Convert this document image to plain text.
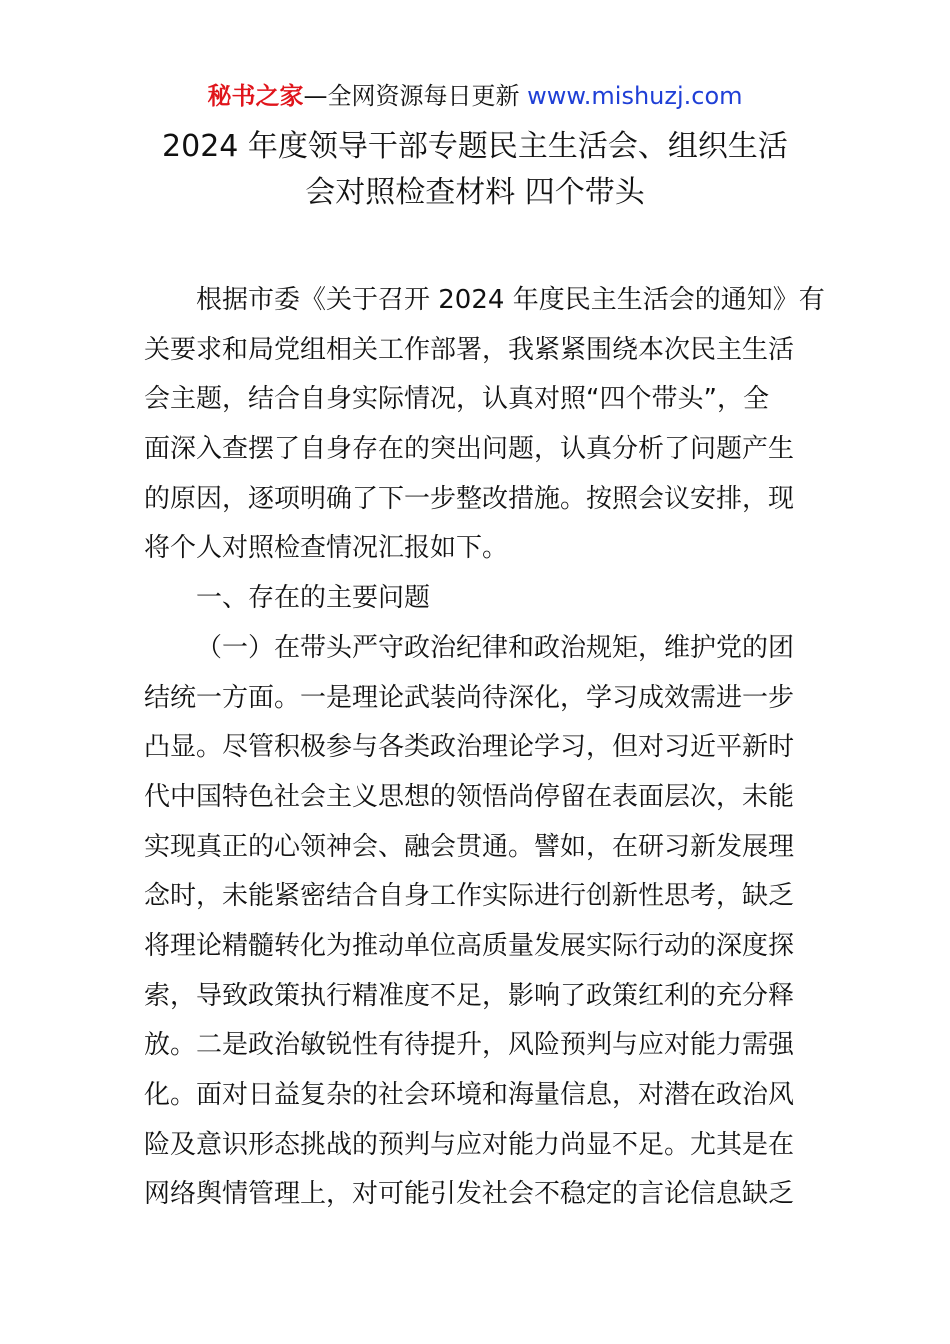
秘书之家—全网资源每日更新 www.mishuzj.com
2024 年度领导干部专题民主生活会、组织生活
会对照检查材料 四个带头
根据市委《关于召开 2024 年度民主生活会的通知》有
关要求和局党组相关工作部署，我紧紧围绕本次民主生活
会主题，结合自身实际情况，认真对照“四个带头”，全
面深入查摆了自身存在的突出问题，认真分析了问题产生
的原因，逐项明确了下一步整改措施。按照会议安排，现
将个人对照检查情况汇报如下。
一、存在的主要问题
（一）在带头严守政治纪律和政治规矩，维护党的团
结统一方面。一是理论武装尚待深化，学习成效需进一步
凸显。尽管积极参与各类政治理论学习，但对习近平新时
代中国特色社会主义思想的领悟尚停留在表面层次，未能
实现真正的心领神会、融会贯通。譬如，在研习新发展理
念时，未能紧密结合自身工作实际进行创新性思考，缺乏
将理论精髓转化为推动单位高质量发展实际行动的深度探
索，导致政策执行精准度不足，影响了政策红利的充分释
放。二是政治敏锐性有待提升，风险预判与应对能力需强
化。面对日益复杂的社会环境和海量信息，对潜在政治风
险及意识形态挑战的预判与应对能力尚显不足。尤其是在
网络舆情管理上，对可能引发社会不稳定的言论信息缺乏
